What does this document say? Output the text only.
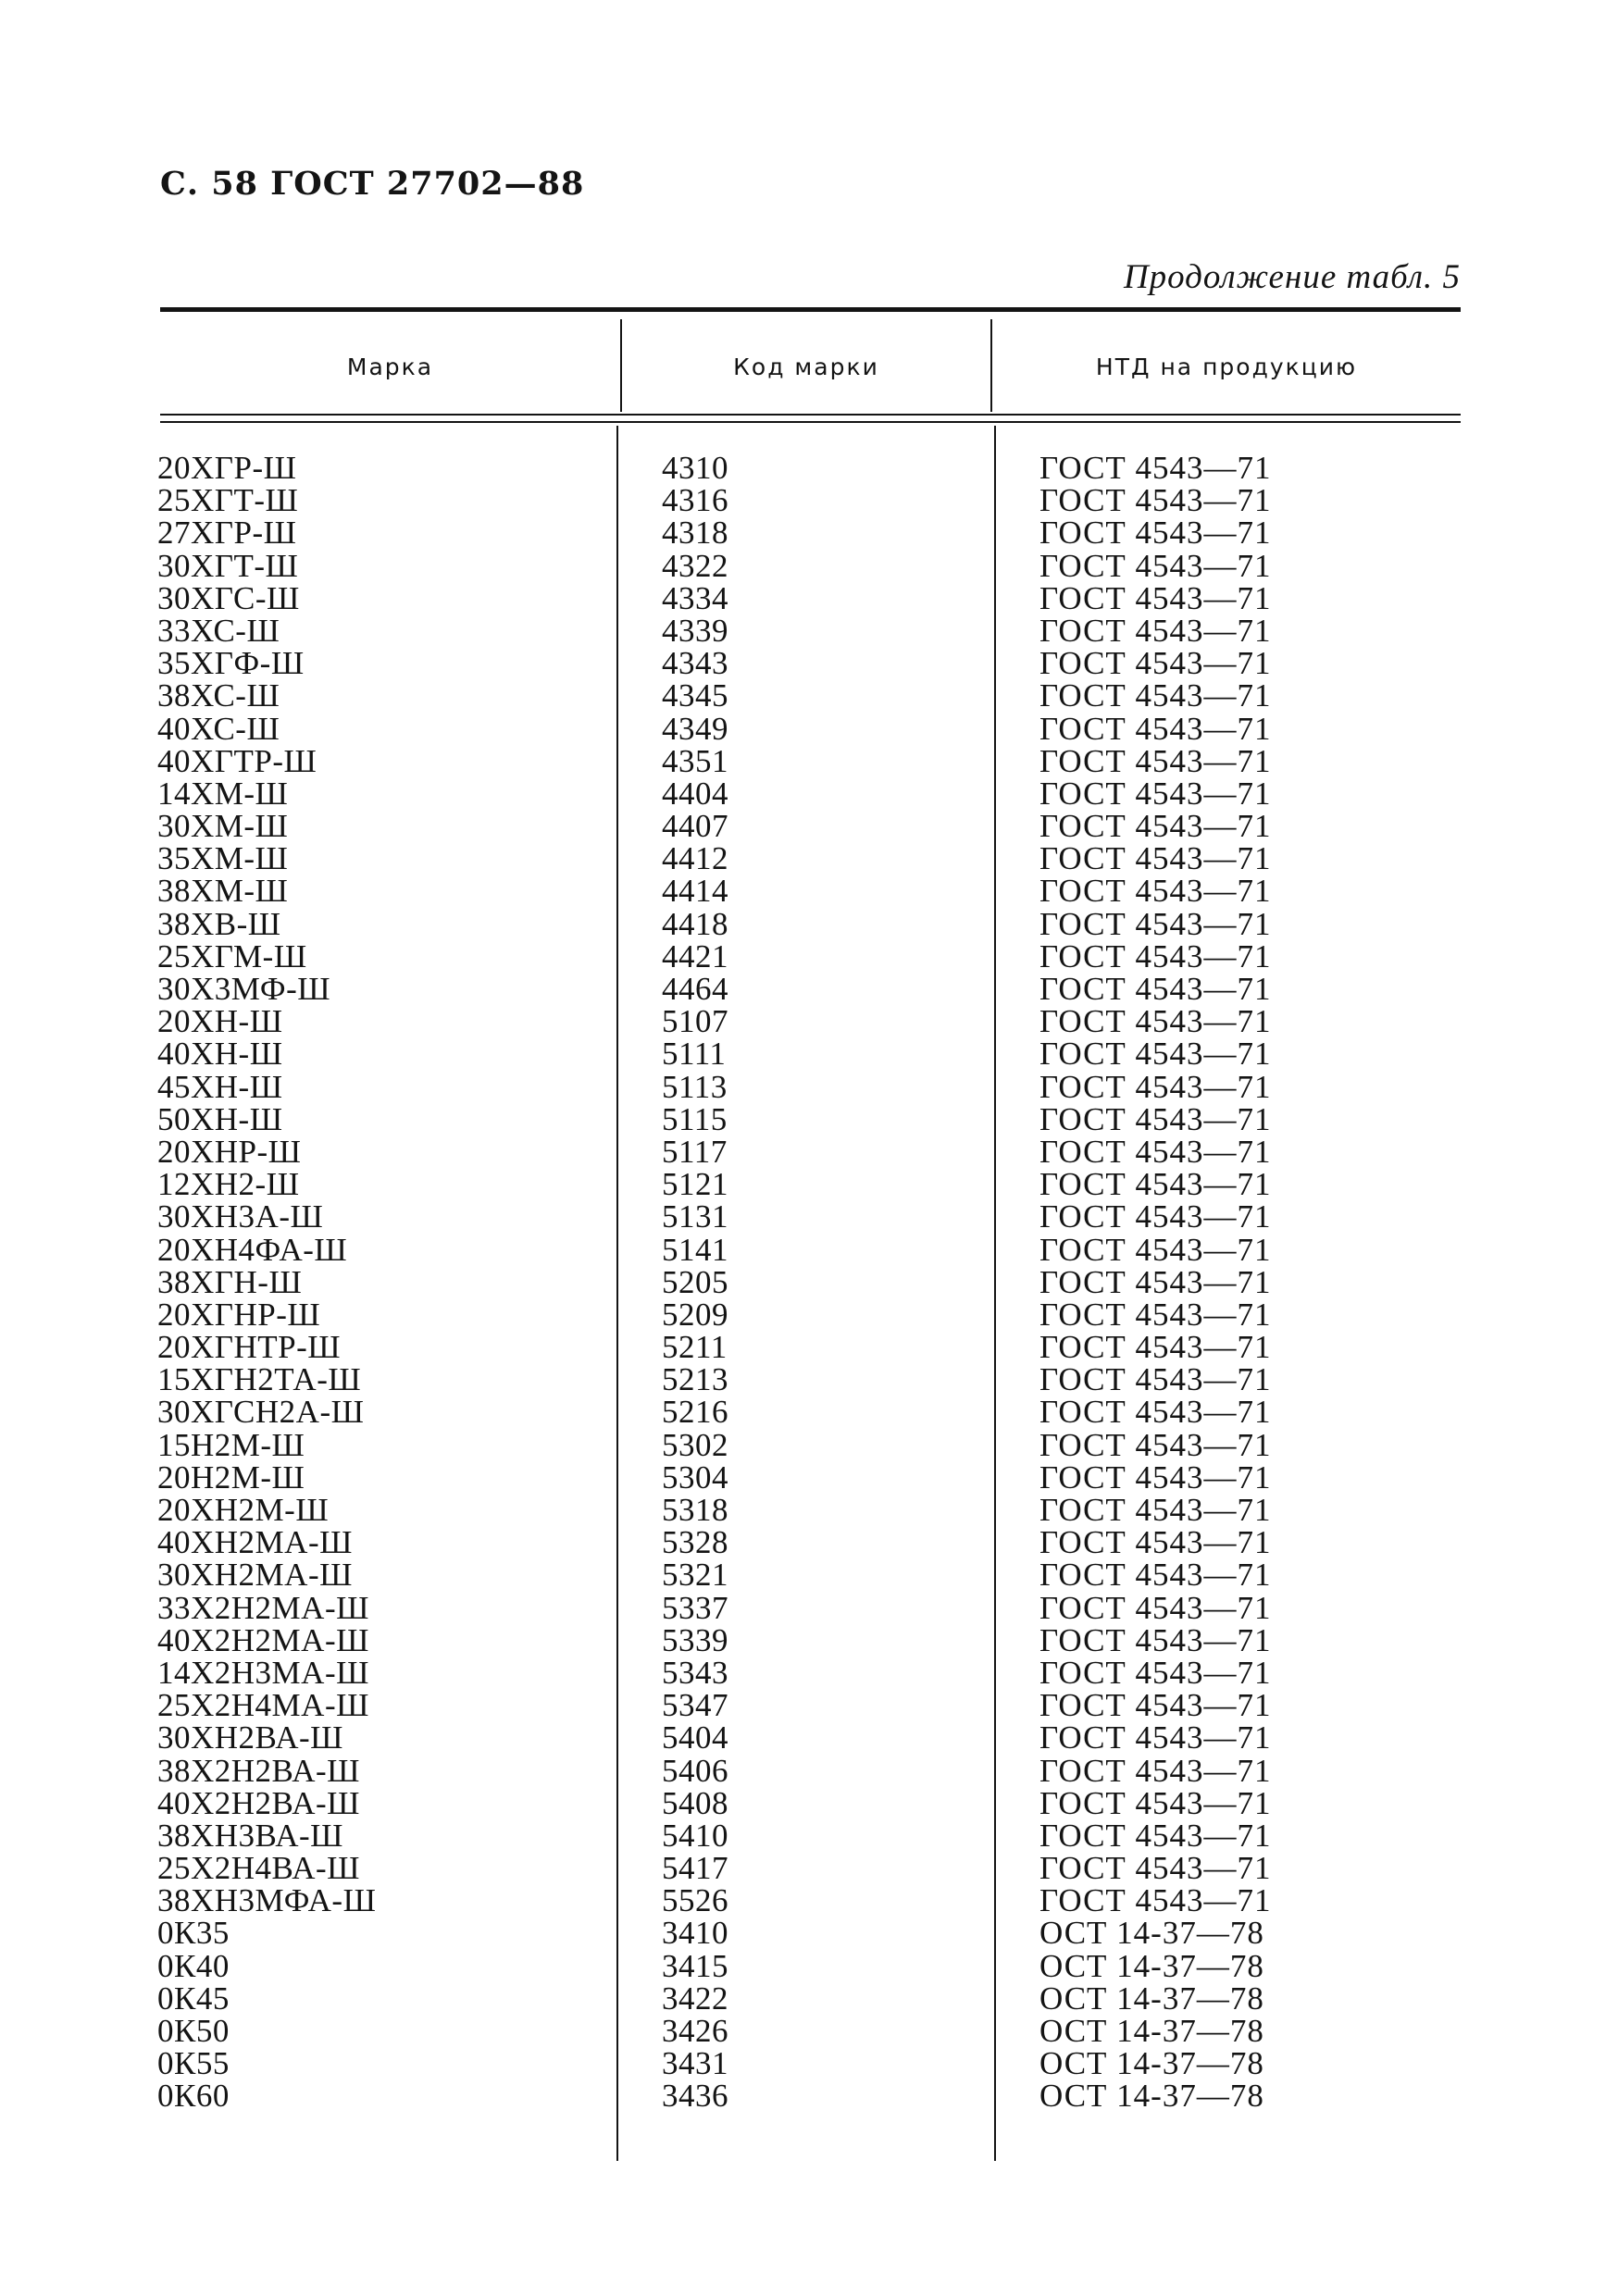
С. 58 ГОСТ 27702—88
Продолжение табл. 5
Марка	Код марки	НТД на продукцию
20ХГР-Ш	4310	ГОСТ 4543—71
25ХГТ-Ш	4316	ГОСТ 4543—71
27ХГР-Ш	4318	ГОСТ 4543—71
30ХГТ-Ш	4322	ГОСТ 4543—71
30ХГС-Ш	4334	ГОСТ 4543—71
33ХС-Ш	4339	ГОСТ 4543—71
35ХГФ-Ш	4343	ГОСТ 4543—71
38ХС-Ш	4345	ГОСТ 4543—71
40ХС-Ш	4349	ГОСТ 4543—71
40ХГТР-Ш	4351	ГОСТ 4543—71
14ХМ-Ш	4404	ГОСТ 4543—71
30ХМ-Ш	4407	ГОСТ 4543—71
35ХМ-Ш	4412	ГОСТ 4543—71
38ХМ-Ш	4414	ГОСТ 4543—71
38ХВ-Ш	4418	ГОСТ 4543—71
25ХГМ-Ш	4421	ГОСТ 4543—71
30Х3МФ-Ш	4464	ГОСТ 4543—71
20ХН-Ш	5107	ГОСТ 4543—71
40ХН-Ш	5111	ГОСТ 4543—71
45ХН-Ш	5113	ГОСТ 4543—71
50ХН-Ш	5115	ГОСТ 4543—71
20ХНР-Ш	5117	ГОСТ 4543—71
12ХН2-Ш	5121	ГОСТ 4543—71
30ХН3А-Ш	5131	ГОСТ 4543—71
20ХН4ФА-Ш	5141	ГОСТ 4543—71
38ХГН-Ш	5205	ГОСТ 4543—71
20ХГНР-Ш	5209	ГОСТ 4543—71
20ХГНТР-Ш	5211	ГОСТ 4543—71
15ХГН2ТА-Ш	5213	ГОСТ 4543—71
30ХГСН2А-Ш	5216	ГОСТ 4543—71
15Н2М-Ш	5302	ГОСТ 4543—71
20Н2М-Ш	5304	ГОСТ 4543—71
20ХН2М-Ш	5318	ГОСТ 4543—71
40ХН2МА-Ш	5328	ГОСТ 4543—71
30ХН2МА-Ш	5321	ГОСТ 4543—71
33Х2Н2МА-Ш	5337	ГОСТ 4543—71
40Х2Н2МА-Ш	5339	ГОСТ 4543—71
14Х2Н3МА-Ш	5343	ГОСТ 4543—71
25Х2Н4МА-Ш	5347	ГОСТ 4543—71
30ХН2ВА-Ш	5404	ГОСТ 4543—71
38Х2Н2ВА-Ш	5406	ГОСТ 4543—71
40Х2Н2ВА-Ш	5408	ГОСТ 4543—71
38ХН3ВА-Ш	5410	ГОСТ 4543—71
25Х2Н4ВА-Ш	5417	ГОСТ 4543—71
38ХН3МФА-Ш	5526	ГОСТ 4543—71
0К35	3410	ОСТ 14-37—78
0К40	3415	ОСТ 14-37—78
0К45	3422	ОСТ 14-37—78
0К50	3426	ОСТ 14-37—78
0К55	3431	ОСТ 14-37—78
0К60	3436	ОСТ 14-37—78
